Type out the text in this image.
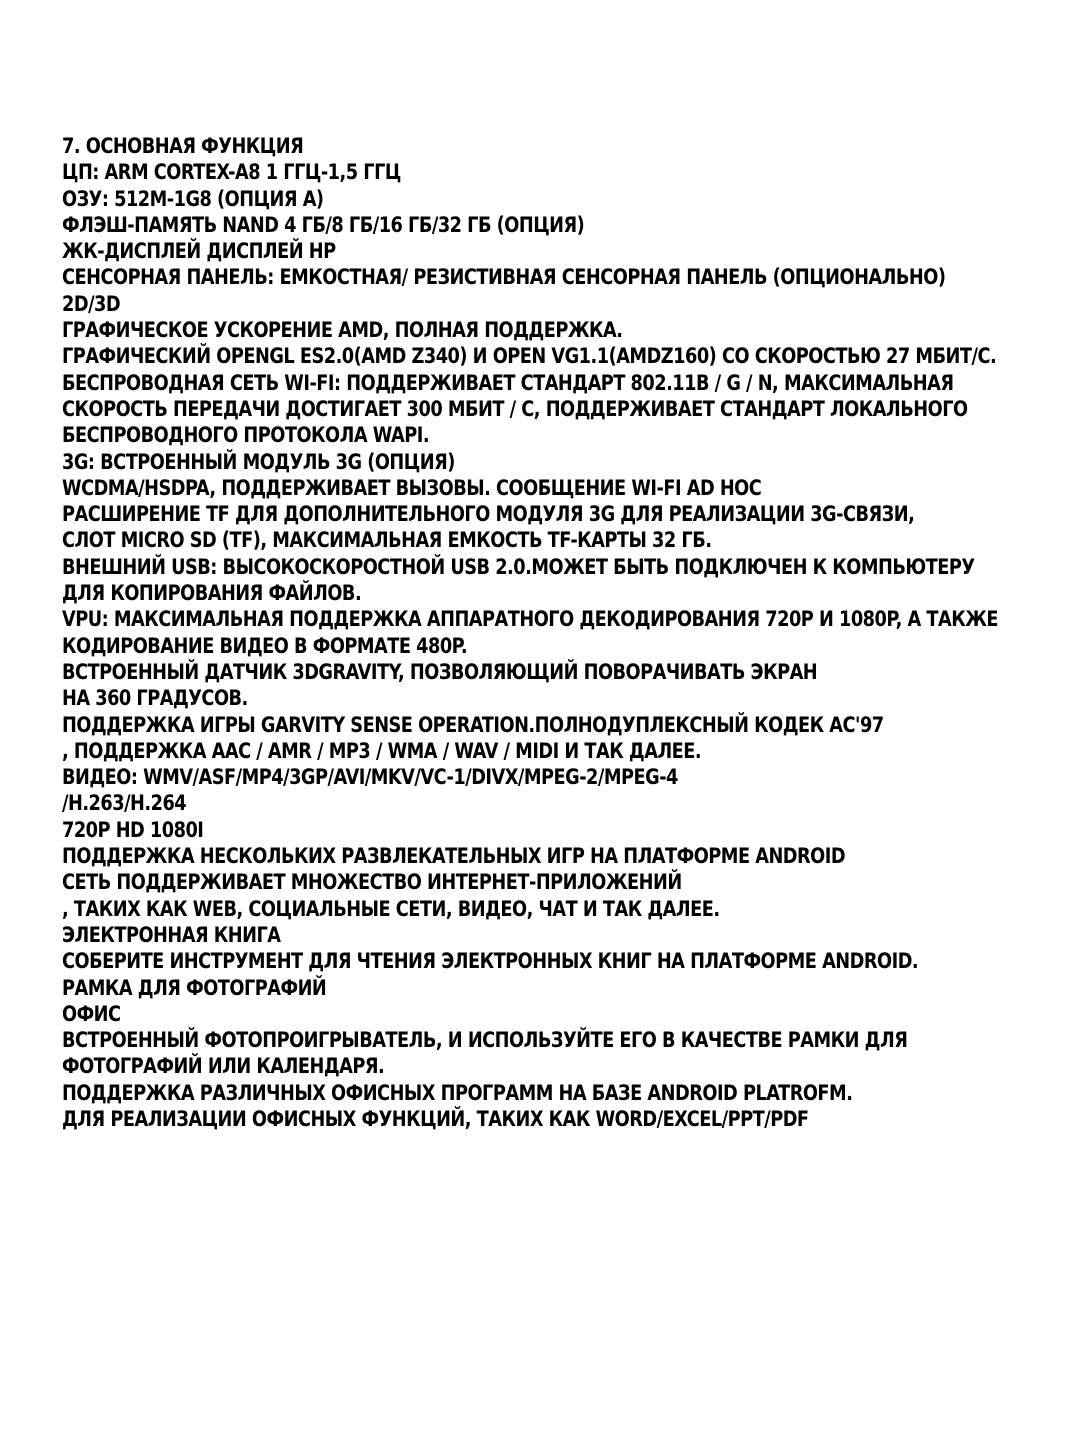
7. ОСНОВНАЯ ФУНКЦИЯ
ЦП: ARM CORTEX-A8 1 ГГЦ-1,5 ГГЦ
ОЗУ: 512M-1G8 (ОПЦИЯ A)
ФЛЭШ-ПАМЯТЬ NAND 4 ГБ/8 ГБ/16 ГБ/32 ГБ (ОПЦИЯ)
ЖК-ДИСПЛЕЙ ДИСПЛЕЙ HP
СЕНСОРНАЯ ПАНЕЛЬ: ЕМКОСТНАЯ/ РЕЗИСТИВНАЯ СЕНСОРНАЯ ПАНЕЛЬ (ОПЦИОНАЛЬНО)
2D/3D
ГРАФИЧЕСКОЕ УСКОРЕНИЕ AMD, ПОЛНАЯ ПОДДЕРЖКА.
ГРАФИЧЕСКИЙ OPENGL ES2.0(AMD Z340) И OPEN VG1.1(AMDZ160) СО СКОРОСТЬЮ 27 МБИТ/С.
БЕСПРОВОДНАЯ СЕТЬ WI-FI: ПОДДЕРЖИВАЕТ СТАНДАРТ 802.11B / G / N, МАКСИМАЛЬНАЯ
СКОРОСТЬ ПЕРЕДАЧИ ДОСТИГАЕТ 300 МБИТ / С, ПОДДЕРЖИВАЕТ СТАНДАРТ ЛОКАЛЬНОГО
БЕСПРОВОДНОГО ПРОТОКОЛА WAPI.
3G: ВСТРОЕННЫЙ МОДУЛЬ 3G (ОПЦИЯ)
WCDMA/HSDPA, ПОДДЕРЖИВАЕТ ВЫЗОВЫ. СООБЩЕНИЕ WI-FI AD HOC
РАСШИРЕНИЕ TF ДЛЯ ДОПОЛНИТЕЛЬНОГО МОДУЛЯ 3G ДЛЯ РЕАЛИЗАЦИИ 3G-СВЯЗИ,
СЛОТ MICRO SD (TF), МАКСИМАЛЬНАЯ ЕМКОСТЬ TF-КАРТЫ 32 ГБ.
ВНЕШНИЙ USB: ВЫСОКОСКОРОСТНОЙ USB 2.0.МОЖЕТ БЫТЬ ПОДКЛЮЧЕН К КОМПЬЮТЕРУ
ДЛЯ КОПИРОВАНИЯ ФАЙЛОВ.
VPU: МАКСИМАЛЬНАЯ ПОДДЕРЖКА АППАРАТНОГО ДЕКОДИРОВАНИЯ 720P И 1080P, А ТАКЖЕ
КОДИРОВАНИЕ ВИДЕО В ФОРМАТЕ 480P.
ВСТРОЕННЫЙ ДАТЧИК 3DGRAVITY, ПОЗВОЛЯЮЩИЙ ПОВОРАЧИВАТЬ ЭКРАН
НА 360 ГРАДУСОВ.
ПОДДЕРЖКА ИГРЫ GARVITY SENSE OPERATION.ПОЛНОДУПЛЕКСНЫЙ КОДЕК AC'97
, ПОДДЕРЖКА AAC / AMR / MP3 / WMA / WAV / MIDI И ТАК ДАЛЕЕ.
ВИДЕО: WMV/ASF/MP4/3GP/AVI/MKV/VC-1/DIVX/MPEG-2/MPEG-4
/H.263/H.264
720P HD 1080I
ПОДДЕРЖКА НЕСКОЛЬКИХ РАЗВЛЕКАТЕЛЬНЫХ ИГР НА ПЛАТФОРМЕ ANDROID
СЕТЬ ПОДДЕРЖИВАЕТ МНОЖЕСТВО ИНТЕРНЕТ-ПРИЛОЖЕНИЙ
, ТАКИХ КАК WEB, СОЦИАЛЬНЫЕ СЕТИ, ВИДЕО, ЧАТ И ТАК ДАЛЕЕ.
ЭЛЕКТРОННАЯ КНИГА
СОБЕРИТЕ ИНСТРУМЕНТ ДЛЯ ЧТЕНИЯ ЭЛЕКТРОННЫХ КНИГ НА ПЛАТФОРМЕ ANDROID.
РАМКА ДЛЯ ФОТОГРАФИЙ
ОФИС
ВСТРОЕННЫЙ ФОТОПРОИГРЫВАТЕЛЬ, И ИСПОЛЬЗУЙТЕ ЕГО В КАЧЕСТВЕ РАМКИ ДЛЯ
ФОТОГРАФИЙ ИЛИ КАЛЕНДАРЯ.
ПОДДЕРЖКА РАЗЛИЧНЫХ ОФИСНЫХ ПРОГРАММ НА БАЗЕ ANDROID PLATROFM.
ДЛЯ РЕАЛИЗАЦИИ ОФИСНЫХ ФУНКЦИЙ, ТАКИХ КАК WORD/EXCEL/PPT/PDF
